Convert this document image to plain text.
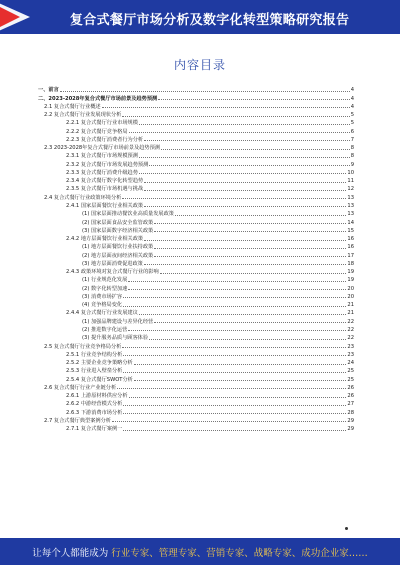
复合式餐厅市场分析及数字化转型策略研究报告
内容目录
一、前言	4
二、2023-2028年复合式餐厅市场前景及趋势预测	4
2.1 复合式餐厅行业概述	4
2.2 复合式餐厅行业发展现状分析	5
2.2.1 复合式餐厅行业市场规模	5
2.2.2 复合式餐厅竞争格局	6
2.2.3 复合式餐厅消费者行为分析	7
2.3 2023-2028年复合式餐厅市场前景及趋势预测	8
2.3.1 复合式餐厅市场规模预测	8
2.3.2 复合式餐厅市场发展趋势预测	9
2.3.3 复合式餐厅消费升级趋势	10
2.3.4 复合式餐厅数字化转型趋势	11
2.3.5 复合式餐厅市场机遇与挑战	12
2.4 复合式餐厅行业政策环境分析	13
2.4.1 国家层面餐饮行业相关政策	13
(1) 国家层面推动餐饮业高质量发展政策	13
(2) 国家层面食品安全监管政策	14
(3) 国家层面数字经济相关政策	15
2.4.2 地方层面餐饮行业相关政策	16
(1) 地方层面餐饮行业扶持政策	16
(2) 地方层面夜间经济相关政策	17
(3) 地方层面消费促进政策	18
2.4.3 政策环境对复合式餐厅行业的影响	19
(1) 行业规范化发展	19
(2) 数字化转型加速	20
(3) 消费市场扩容	20
(4) 竞争格局变化	21
2.4.4 复合式餐厅行业发展建议	21
(1) 加强品牌建设与差异化经营	22
(2) 推进数字化运营	22
(3) 提升服务品质与顾客体验	22
2.5 复合式餐厅行业竞争格局分析	23
2.5.1 行业竞争结构分析	23
2.5.2 主要企业竞争策略分析	24
2.5.3 行业进入壁垒分析	25
2.5.4 复合式餐厅SWOT分析	25
2.6 复合式餐厅行业产业链分析	26
2.6.1 上游原材料供应分析	26
2.6.2 中游经营模式分析	27
2.6.3 下游消费市场分析	28
2.7 复合式餐厅典型案例分析	29
2.7.1 复合式餐厅案例一	29
让每个人都能成为 行业专家、管理专家、营销专家、战略专家、成功企业家……
